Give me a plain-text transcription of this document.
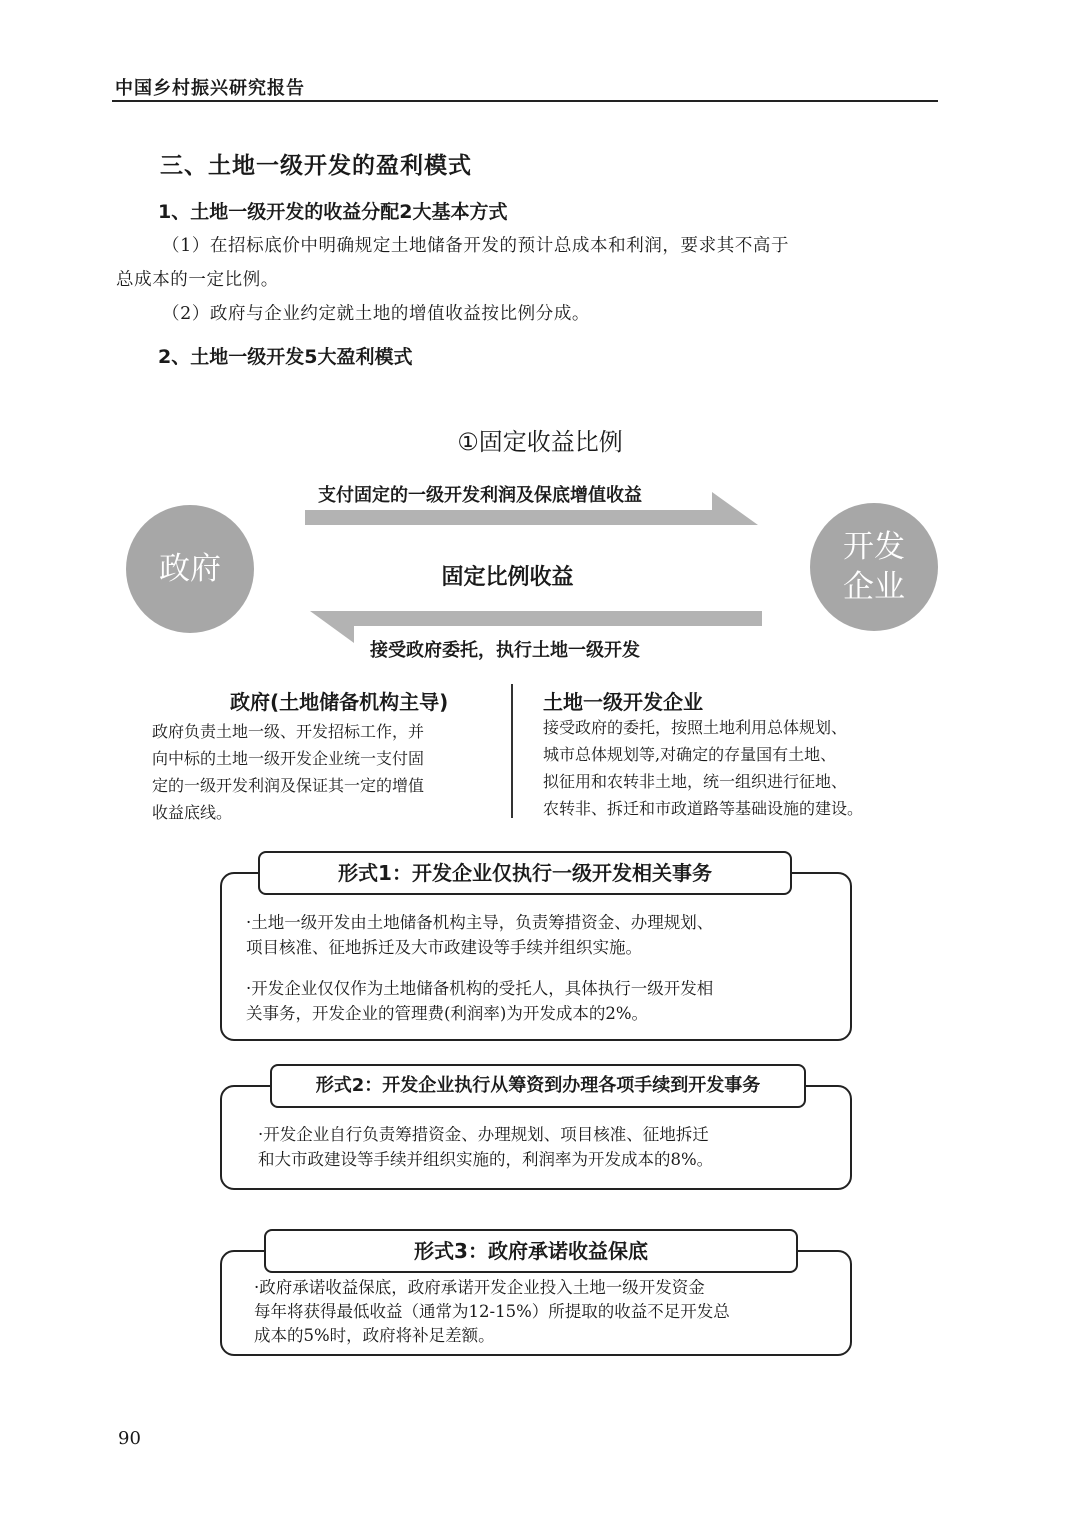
中国乡村振兴研究报告
三、土地一级开发的盈利模式
1、土地一级开发的收益分配2大基本方式
（1）在招标底价中明确规定土地储备开发的预计总成本和利润，要求其不高于
总成本的一定比例。
（2）政府与企业约定就土地的增值收益按比例分成。
2、土地一级开发5大盈利模式
①固定收益比例
政府
开发
企业
支付固定的一级开发利润及保底增值收益
固定比例收益
接受政府委托，执行土地一级开发
政府(土地储备机构主导)
政府负责土地一级、开发招标工作，并
向中标的土地一级开发企业统一支付固
定的一级开发利润及保证其一定的增值
收益底线。
土地一级开发企业
接受政府的委托，按照土地利用总体规划、
城市总体规划等,对确定的存量国有土地、
拟征用和农转非土地，统一组织进行征地、
农转非、拆迁和市政道路等基础设施的建设。
形式1：开发企业仅执行一级开发相关事务
·土地一级开发由土地储备机构主导，负责筹措资金、办理规划、
项目核准、征地拆迁及大市政建设等手续并组织实施。
·开发企业仅仅作为土地储备机构的受托人，具体执行一级开发相
关事务，开发企业的管理费(利润率)为开发成本的2%。
形式2：开发企业执行从筹资到办理各项手续到开发事务
·开发企业自行负责筹措资金、办理规划、项目核准、征地拆迁
和大市政建设等手续并组织实施的，利润率为开发成本的8%。
形式3：政府承诺收益保底
·政府承诺收益保底，政府承诺开发企业投入土地一级开发资金
每年将获得最低收益（通常为12-15%）所提取的收益不足开发总
成本的5%时，政府将补足差额。
90
